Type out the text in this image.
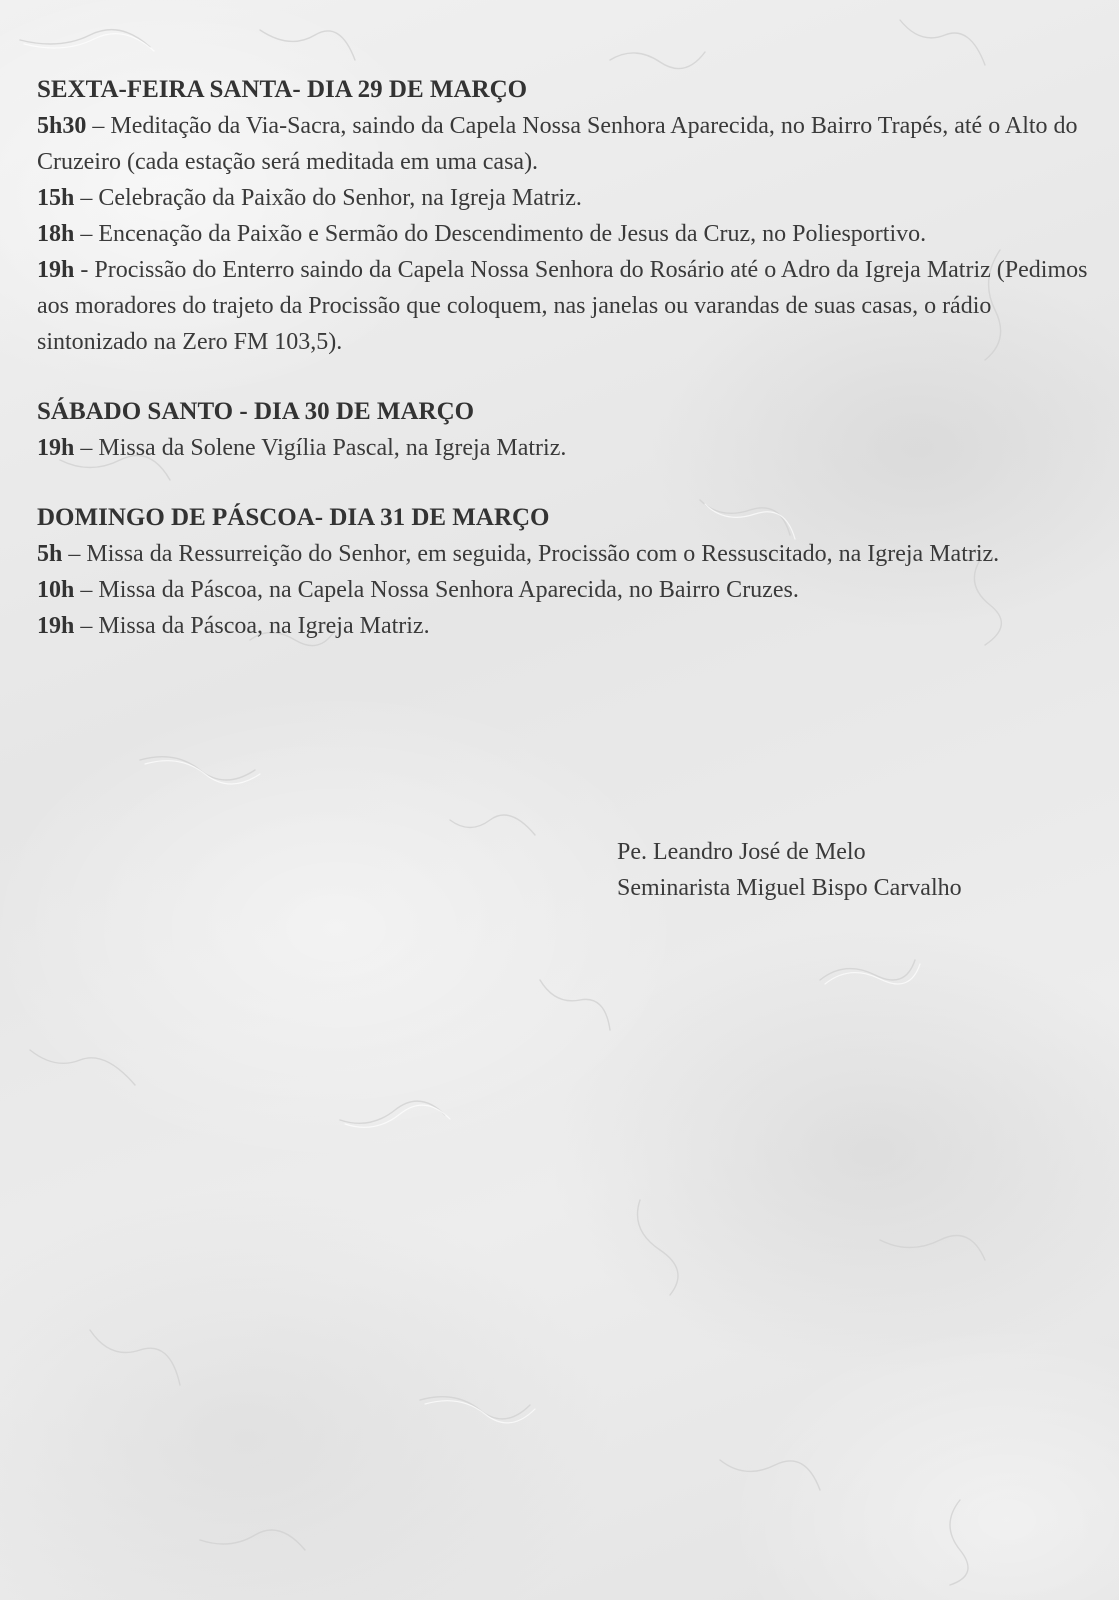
SEXTA-FEIRA SANTA- DIA 29 DE MARÇO

5h30 – Meditação da Via-Sacra, saindo da Capela Nossa Senhora Aparecida, no Bairro Trapés, até o Alto do Cruzeiro (cada estação será meditada em uma casa).

15h – Celebração da Paixão do Senhor, na Igreja Matriz.

18h – Encenação da Paixão e Sermão do Descendimento de Jesus da Cruz, no Poliesportivo.

19h - Procissão do Enterro saindo da Capela Nossa Senhora do Rosário até o Adro da Igreja Matriz (Pedimos aos moradores do trajeto da Procissão que coloquem, nas janelas ou varandas de suas casas, o rádio sintonizado na Zero FM 103,5).

SÁBADO SANTO - DIA 30 DE MARÇO

19h – Missa da Solene Vigília Pascal, na Igreja Matriz.

DOMINGO DE PÁSCOA- DIA 31 DE MARÇO

5h – Missa da Ressurreição do Senhor, em seguida, Procissão com o Ressuscitado, na Igreja Matriz.

10h – Missa da Páscoa, na Capela Nossa Senhora Aparecida, no Bairro Cruzes.

19h – Missa da Páscoa, na Igreja Matriz.

Pe. Leandro José de Melo
Seminarista Miguel Bispo Carvalho
